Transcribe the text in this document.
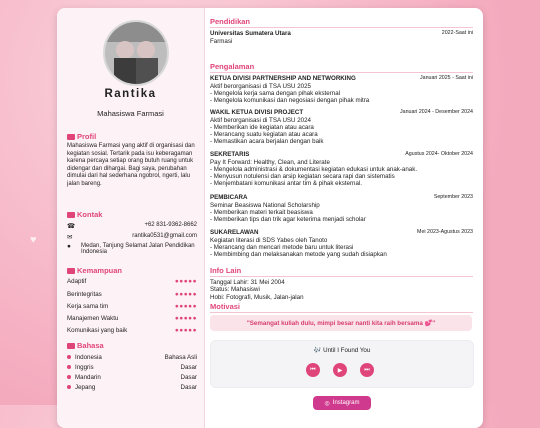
♥
Rantika
Mahasiswa Farmasi
Profil
Mahasiswa Farmasi yang aktif di organisasi dan kegiatan sosial. Tertarik pada isu keberagaman karena percaya setiap orang butuh ruang untuk didengar dan dihargai. Bagi saya, perubahan dimulai dari hal sederhana ngobrol, ngerti, lalu jalan bareng.
Kontak
☎	+62 831-9362-8662
✉	rantika0531@gmail.com
●	Medan, Tanjung Selamat Jalan Pendidikan Indonesia
Kemampuan
Adaptif	●●●●●
Berintegritas	●●●●●
Kerja sama tim	●●●●●
Manajemen Waktu	●●●●●
Komunikasi yang baik	●●●●●
Bahasa
Indonesia	Bahasa Asli
Inggris	Dasar
Mandarin	Dasar
Jepang	Dasar
Pendidikan
Universitas Sumatera Utara	2022-Saat ini
Farmasi
Pengalaman
KETUA DIVISI PARTNERSHIP AND NETWORKING	Januari 2025 - Saat ini
Aktif berorganisasi di TSA USU 2025
- Mengelola kerja sama dengan pihak eksternal
- Mengelola komunikasi dan negosiasi dengan pihak mitra
WAKIL KETUA DIVISI PROJECT	Januari 2024 - Desember 2024
Aktif berorganisasi di TSA USU 2024
- Memberikan ide kegiatan atau acara
- Merancang suatu kegiatan atau acara
- Memastikan acara berjalan dengan baik
SEKRETARIS	Agustus 2024- Oktober 2024
Pay It Forward: Healthy, Clean, and Literate
- Mengelola administrasi & dokumentasi kegiatan edukasi untuk anak-anak.
- Menyusun notulensi dan arsip kegiatan secara rapi dan sistematis
- Menjembatani komunikasi antar tim & pihak eksternal.
PEMBICARA	September 2023
Seminar Beasiswa National Scholarship
- Memberikan materi terkait beasiswa
- Memberikan tips dan trik agar keterima menjadi scholar
SUKARELAWAN	Mei 2023-Agustus 2023
Kegiatan literasi di SDS Yabes oleh Tanoto
- Merancang dan mencari metode baru untuk literasi
- Membimbing dan melaksanakan metode yang sudah disiapkan
Info Lain
Tanggal Lahir: 31 Mei 2004
Status: Mahasiswi
Hobi: Fotografi, Musik, Jalan-jalan
Motivasi
"Semangat kuliah dulu, mimpi besar nanti kita raih bersama 💕"
🎶 Until I Found You
⏮	▶	⏭
◎ Instagram
